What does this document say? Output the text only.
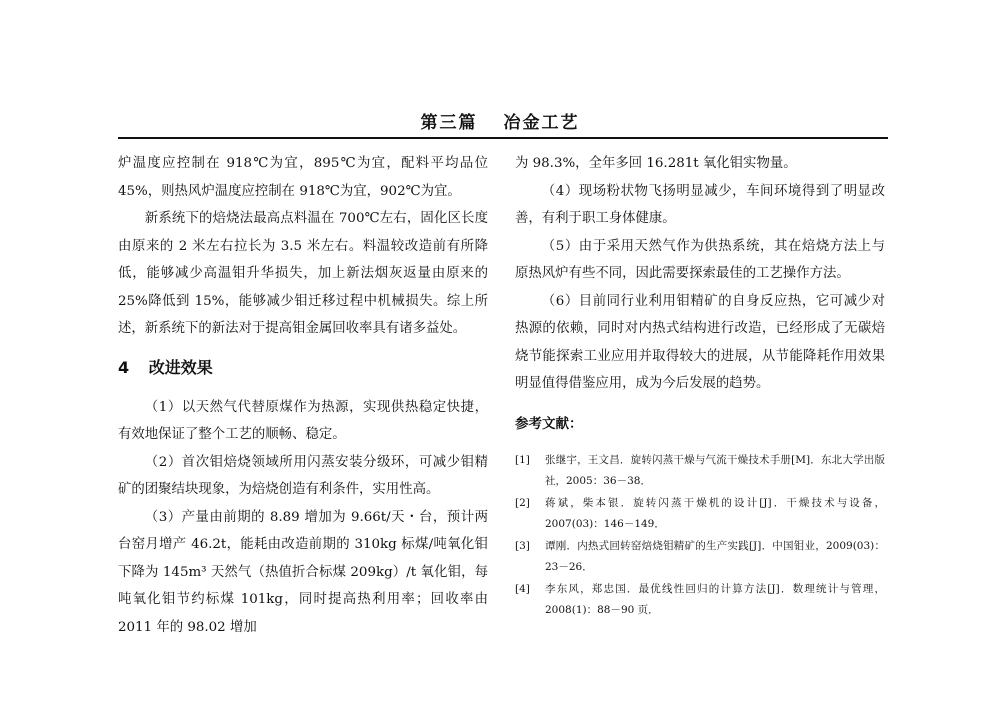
第三篇 冶金工艺

炉温度应控制在 918℃为宜，895℃为宜，配料平均品位 45%，则热风炉温度应控制在 918℃为宜，902℃为宜。

新系统下的焙烧法最高点料温在 700℃左右，固化区长度由原来的 2 米左右拉长为 3.5 米左右。料温较改造前有所降低，能够减少高温钼升华损失，加上新法烟灰返量由原来的 25%降低到 15%，能够减少钼迁移过程中机械损失。综上所述，新系统下的新法对于提高钼金属回收率具有诸多益处。

4 改进效果

（1）以天然气代替原煤作为热源，实现供热稳定快捷，有效地保证了整个工艺的顺畅、稳定。

（2）首次钼焙烧领域所用闪蒸安装分级环，可减少钼精矿的团聚结块现象，为焙烧创造有利条件，实用性高。

（3）产量由前期的 8.89 增加为 9.66t/天・台，预计两台窑月增产 46.2t，能耗由改造前期的 310kg 标煤/吨氧化钼下降为 145m³ 天然气（热值折合标煤 209kg）/t 氧化钼，每吨氧化钼节约标煤 101kg，同时提高热利用率；回收率由 2011 年的 98.02 增加

为 98.3%，全年多回 16.281t 氧化钼实物量。

（4）现场粉状物飞扬明显减少，车间环境得到了明显改善，有利于职工身体健康。

（5）由于采用天然气作为供热系统，其在焙烧方法上与原热风炉有些不同，因此需要探索最佳的工艺操作方法。

（6）目前同行业利用钼精矿的自身反应热，它可减少对热源的依赖，同时对内热式结构进行改造，已经形成了无碳焙烧节能探索工业应用并取得较大的进展，从节能降耗作用效果明显值得借鉴应用，成为今后发展的趋势。

参考文献：
[1]	张继宇，王文昌．旋转闪蒸干燥与气流干燥技术手册[M]．东北大学出版社，2005：36－38．
[2]	蒋斌，柴本银．旋转闪蒸干燥机的设计[J]．干燥技术与设备，2007(03)：146－149．
[3]	谭刚．内热式回转窑焙烧钼精矿的生产实践[J]．中国钼业，2009(03)：23－26．
[4]	李东风，郑忠国．最优线性回归的计算方法[J]．数理统计与管理，2008(1)：88－90 页．
